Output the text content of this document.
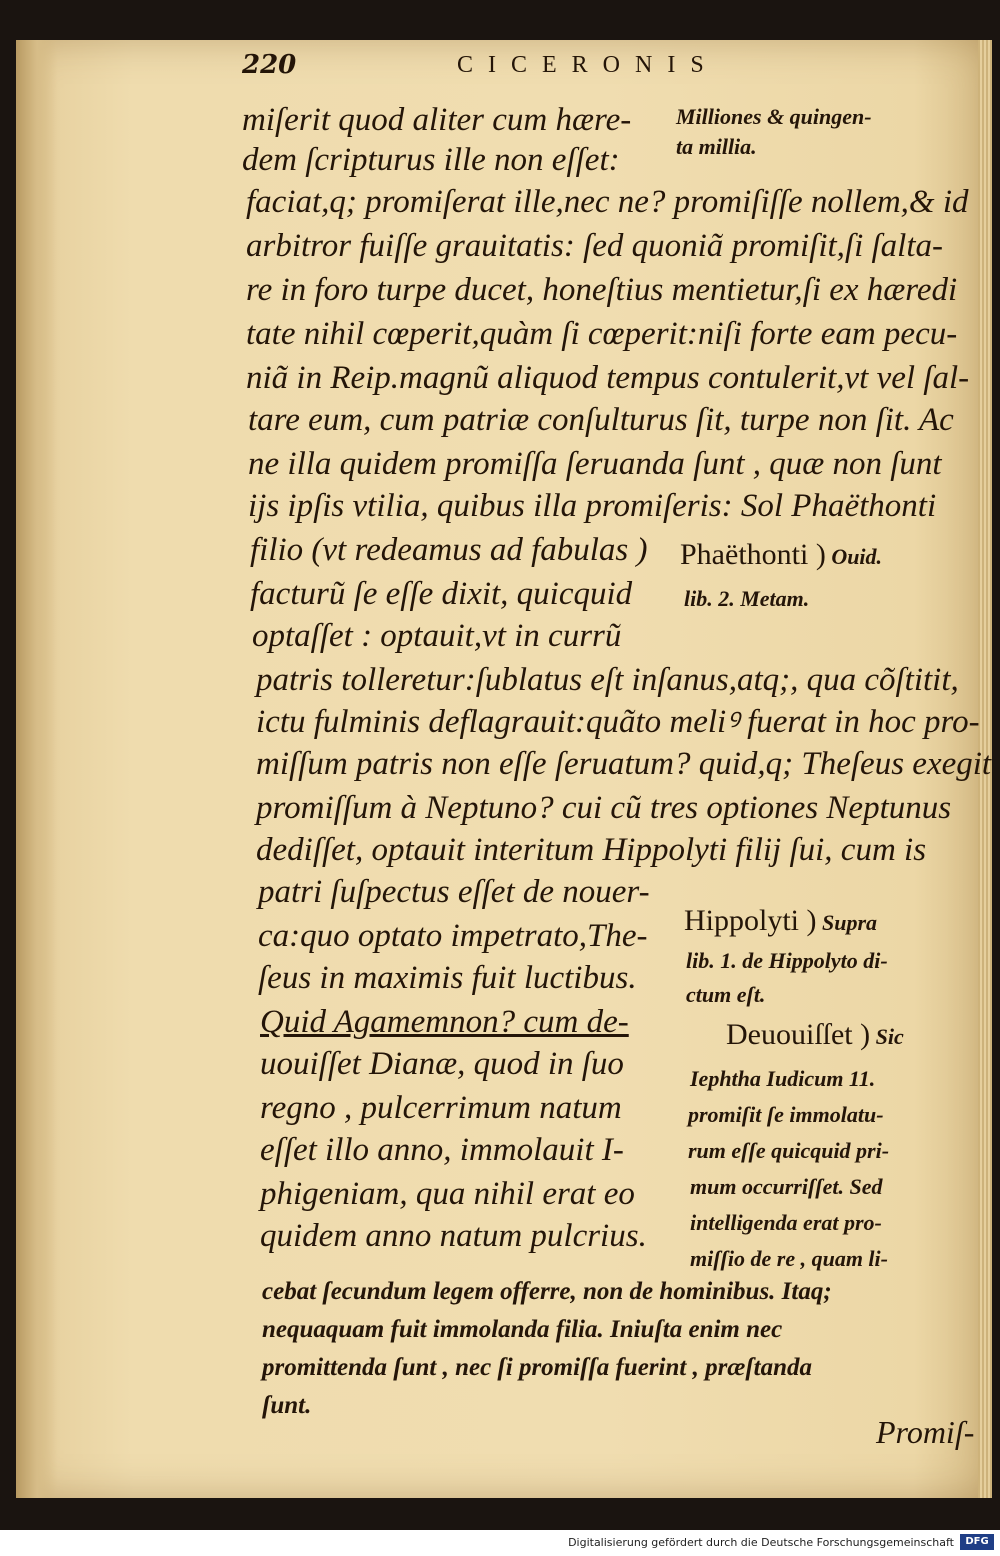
220	CICERONIS
miſerit quod aliter cum hære-
dem ſcripturus ille non eſſet:
faciat,q; promiſerat ille,nec ne? promiſiſſe nollem,& id
arbitror fuiſſe grauitatis: ſed quoniã promiſit,ſi ſalta-
re in foro turpe ducet, honeſtius mentietur,ſi ex hæredi
tate nihil cœperit,quàm ſi cœperit:niſi forte eam pecu-
niã in Reip.magnũ aliquod tempus contulerit,vt vel ſal-
tare eum, cum patriæ conſulturus ſit, turpe non ſit. Ac
ne illa quidem promiſſa ſeruanda ſunt , quæ non ſunt
iјs ipſis vtilia, quibus illa promiſeris: Sol Phaëthonti
filio (vt redeamus ad fabulas )
facturũ ſe eſſe dixit, quicquid
optaſſet : optauit,vt in currũ
patris tolleretur:ſublatus eſt inſanus,atq;, qua cõſtitit,
ictu fulminis deflagrauit:quãto meliꝰ fuerat in hoc pro-
miſſum patris non eſſe ſeruatum? quid,q; Theſeus exegit
promiſſum à Neptuno? cui cũ tres optiones Neptunus
dediſſet, optauit interitum Hippolyti filij ſui, cum is
patri ſuſpectus eſſet de nouer-
ca:quo optato impetrato,The-
ſeus in maximis fuit luctibus.
Quid Agamemnon? cum de-
uouiſſet Dianæ, quod in ſuo
regno , pulcerrimum natum
eſſet illo anno, immolauit I-
phigeniam, qua nihil erat eo
quidem anno natum pulcrius.
Milliones & quingen-
ta millia.
Phaëthonti ) Ouid.
lib. 2. Metam.
Hippolyti ) Supra
lib. 1. de Hippolyto di-
ctum eſt.
Deuouiſſet ) Sic
Iephtha Iudicum 11.
promiſit ſe immolatu-
rum eſſe quicquid pri-
mum occurriſſet. Sed
intelligenda erat pro-
miſſio de re , quam li-
cebat ſecundum legem offerre, non de hominibus. Itaq;
nequaquam fuit immolanda filia. Iniuſta enim nec
promittenda ſunt , nec ſi promiſſa fuerint , præſtanda
ſunt.
Promiſ-
Digitalisierung gefördert durch die Deutsche Forschungsgemeinschaft	DFG
